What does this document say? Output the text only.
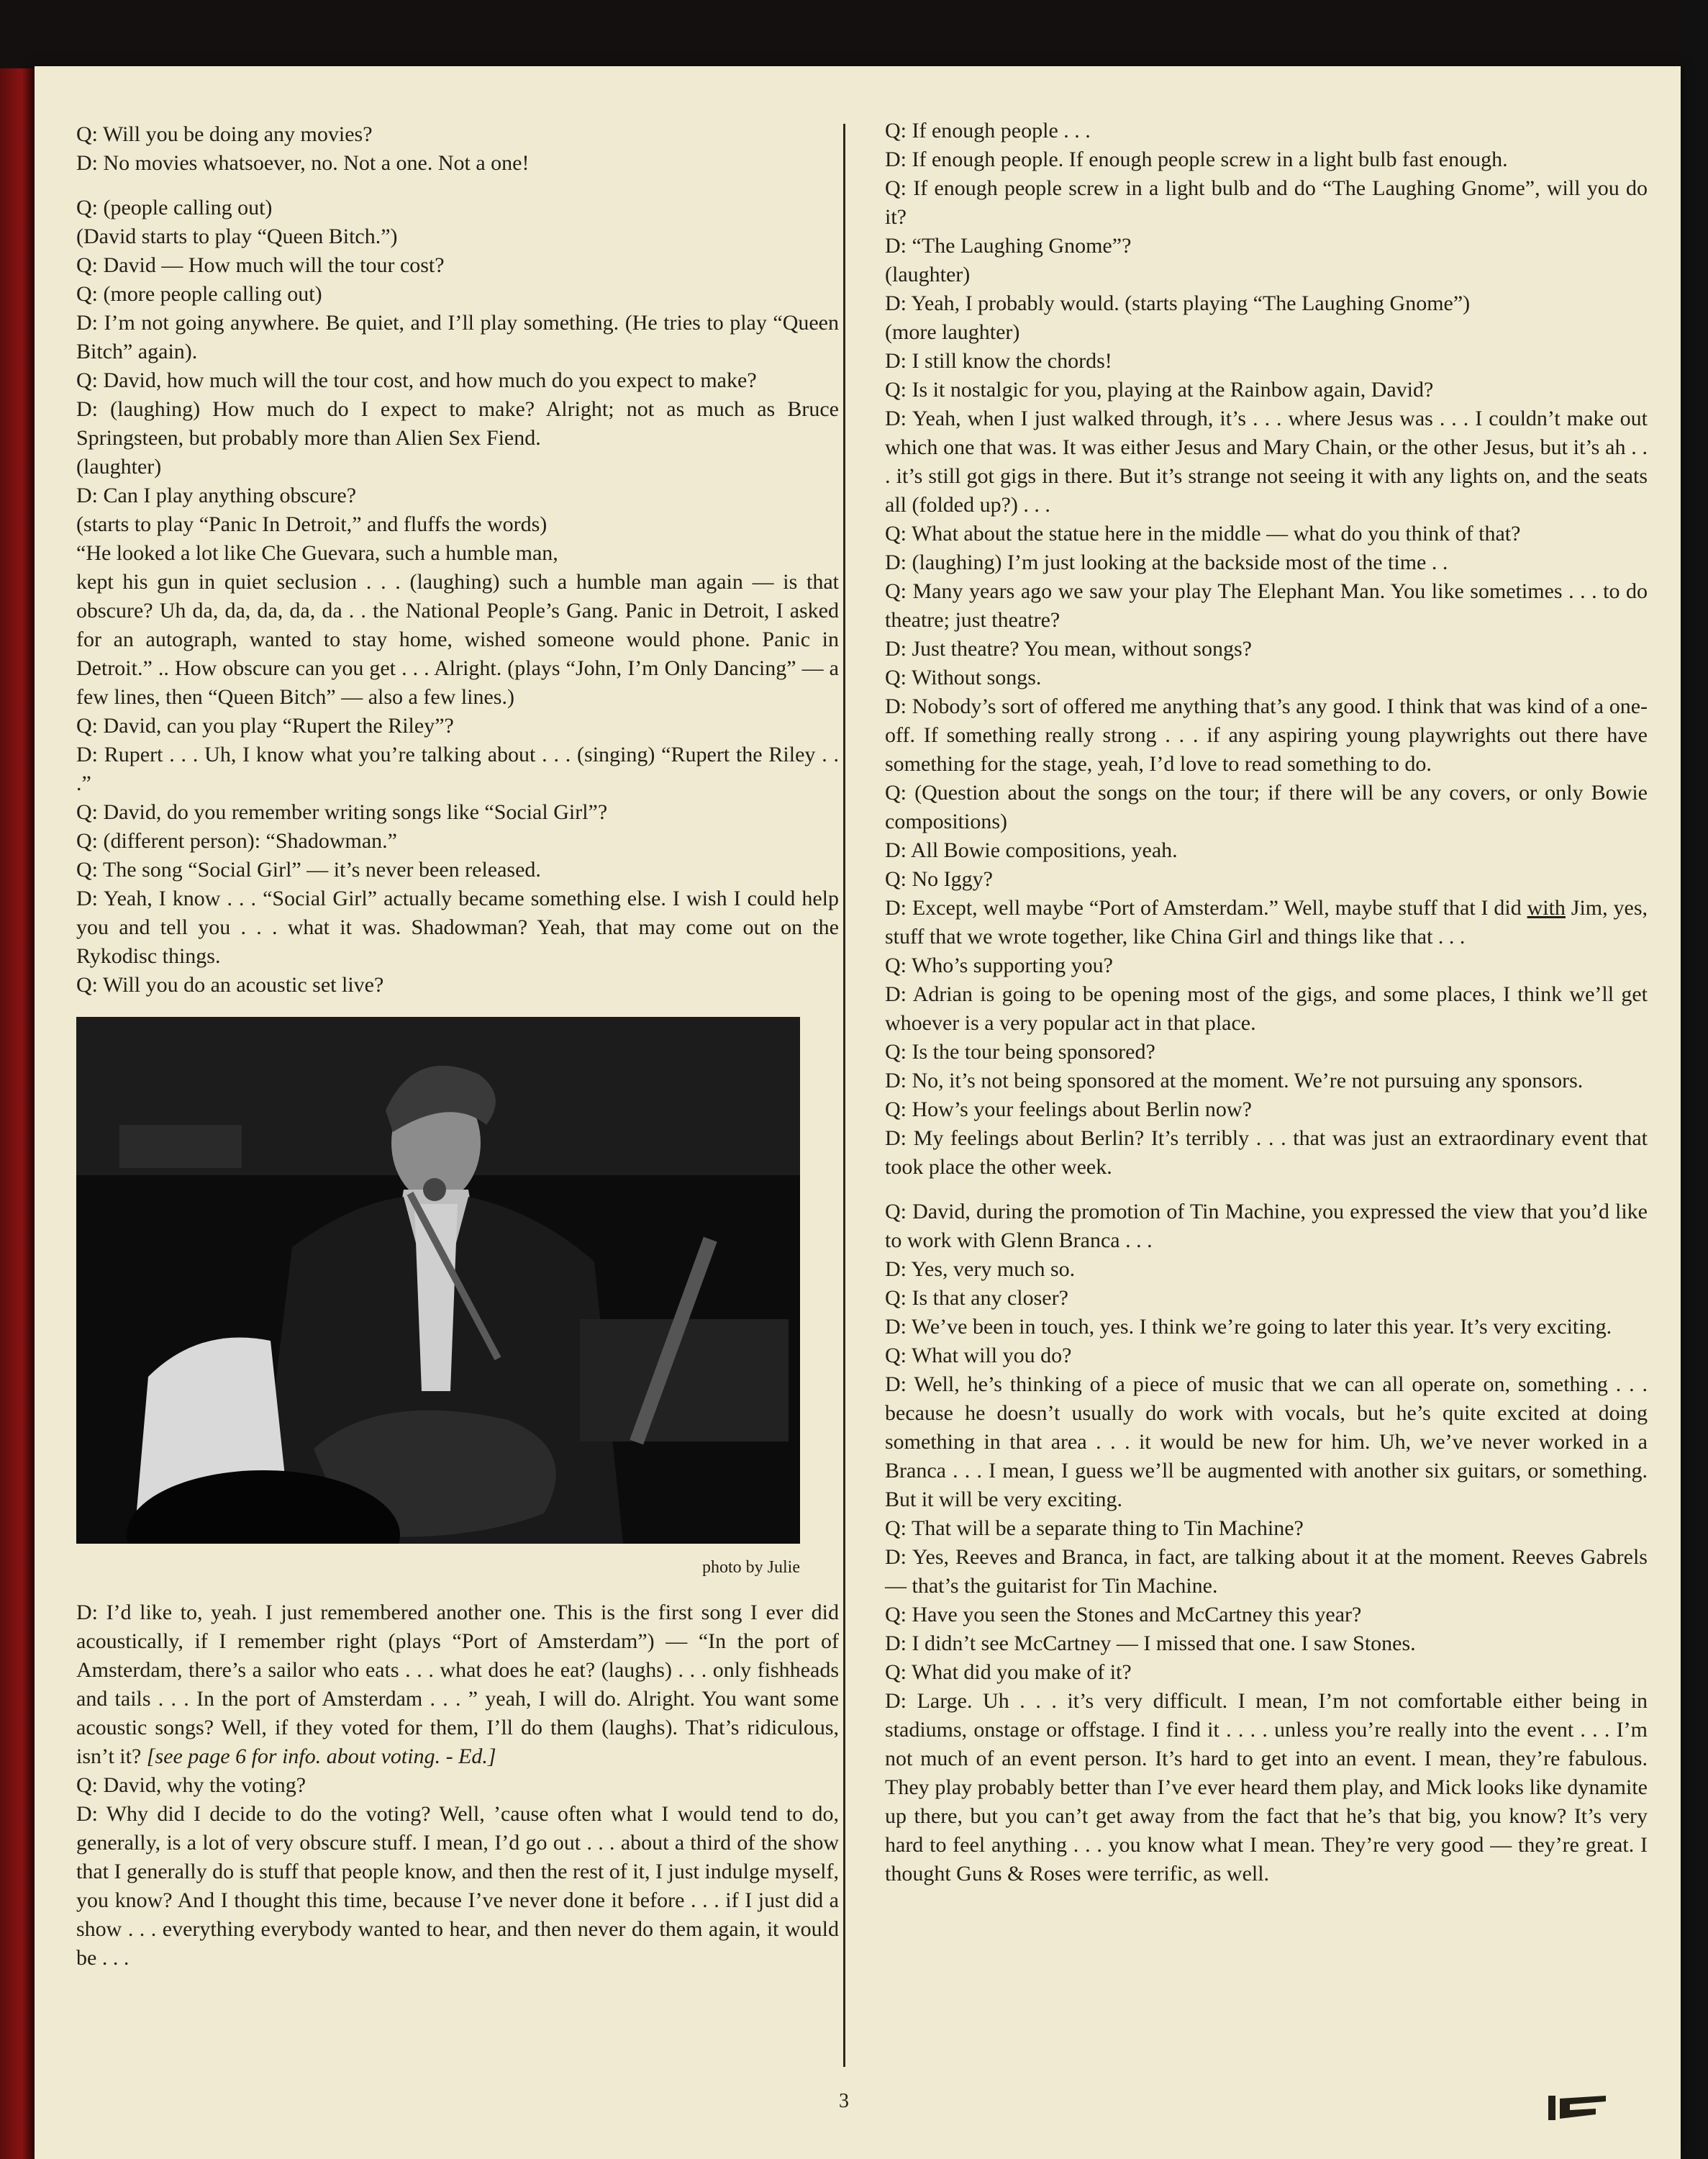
Q: Will you be doing any movies?

D: No movies whatsoever, no. Not a one. Not a one!

Q: (people calling out)

(David starts to play “Queen Bitch.”)

Q: David — How much will the tour cost?

Q: (more people calling out)

D: I’m not going anywhere. Be quiet, and I’ll play something. (He tries to play “Queen Bitch” again).

Q: David, how much will the tour cost, and how much do you expect to make?

D: (laughing) How much do I expect to make? Alright; not as much as Bruce Springsteen, but probably more than Alien Sex Fiend.

(laughter)

D: Can I play anything obscure?

(starts to play “Panic In Detroit,” and fluffs the words)

“He looked a lot like Che Guevara, such a humble man,

kept his gun in quiet seclusion . . . (laughing) such a humble man again — is that obscure? Uh da, da, da, da, da . . the National People’s Gang. Panic in Detroit, I asked for an autograph, wanted to stay home, wished someone would phone. Panic in Detroit.” .. How obscure can you get . . . Alright. (plays “John, I’m Only Dancing” — a few lines, then “Queen Bitch” — also a few lines.)

Q: David, can you play “Rupert the Riley”?

D: Rupert . . . Uh, I know what you’re talking about . . . (singing) “Rupert the Riley . . .”

Q: David, do you remember writing songs like “Social Girl”?

Q: (different person): “Shadowman.”

Q: The song “Social Girl” — it’s never been released.

D: Yeah, I know . . . “Social Girl” actually became something else. I wish I could help you and tell you . . . what it was. Shadowman? Yeah, that may come out on the Rykodisc things.

Q: Will you do an acoustic set live?

photo by Julie

D: I’d like to, yeah. I just remembered another one. This is the first song I ever did acoustically, if I remember right (plays “Port of Amsterdam”) — “In the port of Amsterdam, there’s a sailor who eats . . . what does he eat? (laughs) . . . only fishheads and tails . . . In the port of Amsterdam . . . ” yeah, I will do. Alright. You want some acoustic songs? Well, if they voted for them, I’ll do them (laughs). That’s ridiculous, isn’t it? [see page 6 for info. about voting. - Ed.]

Q: David, why the voting?

D: Why did I decide to do the voting? Well, ’cause often what I would tend to do, generally, is a lot of very obscure stuff. I mean, I’d go out . . . about a third of the show that I generally do is stuff that people know, and then the rest of it, I just indulge myself, you know? And I thought this time, because I’ve never done it before . . . if I just did a show . . . everything everybody wanted to hear, and then never do them again, it would be . . .

Q: If enough people . . .

D: If enough people. If enough people screw in a light bulb fast enough.

Q: If enough people screw in a light bulb and do “The Laughing Gnome”, will you do it?

D: “The Laughing Gnome”?

(laughter)

D: Yeah, I probably would. (starts playing “The Laughing Gnome”)

(more laughter)

D: I still know the chords!

Q: Is it nostalgic for you, playing at the Rainbow again, David?

D: Yeah, when I just walked through, it’s . . . where Jesus was . . . I couldn’t make out which one that was. It was either Jesus and Mary Chain, or the other Jesus, but it’s ah . . . it’s still got gigs in there. But it’s strange not seeing it with any lights on, and the seats all (folded up?) . . .

Q: What about the statue here in the middle — what do you think of that?

D: (laughing) I’m just looking at the backside most of the time . .

Q: Many years ago we saw your play The Elephant Man. You like sometimes . . . to do theatre; just theatre?

D: Just theatre? You mean, without songs?

Q: Without songs.

D: Nobody’s sort of offered me anything that’s any good. I think that was kind of a one-off. If something really strong . . . if any aspiring young playwrights out there have something for the stage, yeah, I’d love to read something to do.

Q: (Question about the songs on the tour; if there will be any covers, or only Bowie compositions)

D: All Bowie compositions, yeah.

Q: No Iggy?

D: Except, well maybe “Port of Amsterdam.” Well, maybe stuff that I did with Jim, yes, stuff that we wrote together, like China Girl and things like that . . .

Q: Who’s supporting you?

D: Adrian is going to be opening most of the gigs, and some places, I think we’ll get whoever is a very popular act in that place.

Q: Is the tour being sponsored?

D: No, it’s not being sponsored at the moment. We’re not pursuing any sponsors.

Q: How’s your feelings about Berlin now?

D: My feelings about Berlin? It’s terribly . . . that was just an extraordinary event that took place the other week.

Q: David, during the promotion of Tin Machine, you expressed the view that you’d like to work with Glenn Branca . . .

D: Yes, very much so.

Q: Is that any closer?

D: We’ve been in touch, yes. I think we’re going to later this year. It’s very exciting.

Q: What will you do?

D: Well, he’s thinking of a piece of music that we can all operate on, something . . . because he doesn’t usually do work with vocals, but he’s quite excited at doing something in that area . . . it would be new for him. Uh, we’ve never worked in a Branca . . . I mean, I guess we’ll be augmented with another six guitars, or something. But it will be very exciting.

Q: That will be a separate thing to Tin Machine?

D: Yes, Reeves and Branca, in fact, are talking about it at the moment. Reeves Gabrels — that’s the guitarist for Tin Machine.

Q: Have you seen the Stones and McCartney this year?

D: I didn’t see McCartney — I missed that one. I saw Stones.

Q: What did you make of it?

D: Large. Uh . . . it’s very difficult. I mean, I’m not comfortable either being in stadiums, onstage or offstage. I find it . . . . unless you’re really into the event . . . I’m not much of an event person. It’s hard to get into an event. I mean, they’re fabulous. They play probably better than I’ve ever heard them play, and Mick looks like dynamite up there, but you can’t get away from the fact that he’s that big, you know? It’s very hard to feel anything . . . you know what I mean. They’re very good — they’re great. I thought Guns & Roses were terrific, as well.

3
